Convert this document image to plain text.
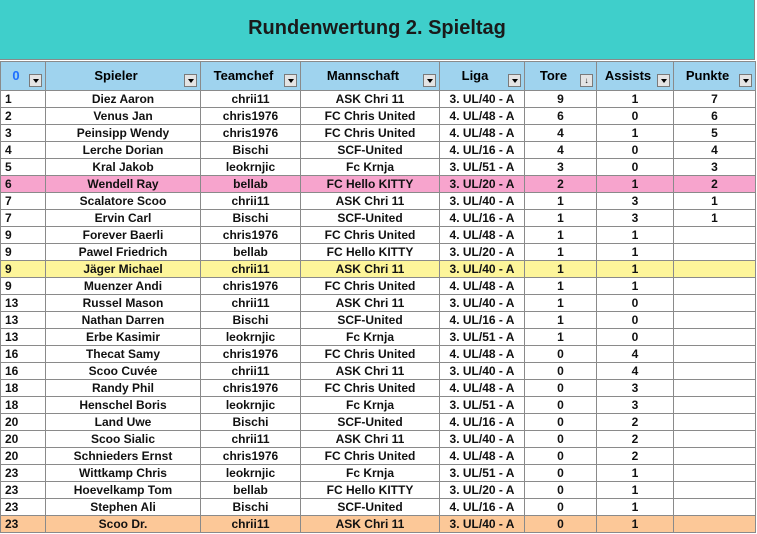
Rundenwertung 2. Spieltag
0	Spieler	Teamchef	Mannschaft	Liga	Tore ↓	Assists	Punkte

1	Diez Aaron	chrii11	ASK Chri 11	3. UL/40 - A	9	1	7
2	Venus Jan	chris1976	FC Chris United	4. UL/48 - A	6	0	6
3	Peinsipp Wendy	chris1976	FC Chris United	4. UL/48 - A	4	1	5
4	Lerche Dorian	Bischi	SCF-United	4. UL/16 - A	4	0	4
5	Kral Jakob	leokrnjic	Fc Krnja	3. UL/51 - A	3	0	3
6	Wendell Ray	bellab	FC Hello KITTY	3. UL/20 - A	2	1	2
7	Scalatore Scoo	chrii11	ASK Chri 11	3. UL/40 - A	1	3	1
7	Ervin Carl	Bischi	SCF-United	4. UL/16 - A	1	3	1
9	Forever Baerli	chris1976	FC Chris United	4. UL/48 - A	1	1	
9	Pawel Friedrich	bellab	FC Hello KITTY	3. UL/20 - A	1	1	
9	Jäger Michael	chrii11	ASK Chri 11	3. UL/40 - A	1	1	
9	Muenzer Andi	chris1976	FC Chris United	4. UL/48 - A	1	1	
13	Russel Mason	chrii11	ASK Chri 11	3. UL/40 - A	1	0	
13	Nathan Darren	Bischi	SCF-United	4. UL/16 - A	1	0	
13	Erbe Kasimir	leokrnjic	Fc Krnja	3. UL/51 - A	1	0	
16	Thecat Samy	chris1976	FC Chris United	4. UL/48 - A	0	4	
16	Scoo Cuvée	chrii11	ASK Chri 11	3. UL/40 - A	0	4	
18	Randy Phil	chris1976	FC Chris United	4. UL/48 - A	0	3	
18	Henschel Boris	leokrnjic	Fc Krnja	3. UL/51 - A	0	3	
20	Land Uwe	Bischi	SCF-United	4. UL/16 - A	0	2	
20	Scoo Sialic	chrii11	ASK Chri 11	3. UL/40 - A	0	2	
20	Schnieders Ernst	chris1976	FC Chris United	4. UL/48 - A	0	2	
23	Wittkamp Chris	leokrnjic	Fc Krnja	3. UL/51 - A	0	1	
23	Hoevelkamp Tom	bellab	FC Hello KITTY	3. UL/20 - A	0	1	
23	Stephen Ali	Bischi	SCF-United	4. UL/16 - A	0	1	
23	Scoo Dr.	chrii11	ASK Chri 11	3. UL/40 - A	0	1	
